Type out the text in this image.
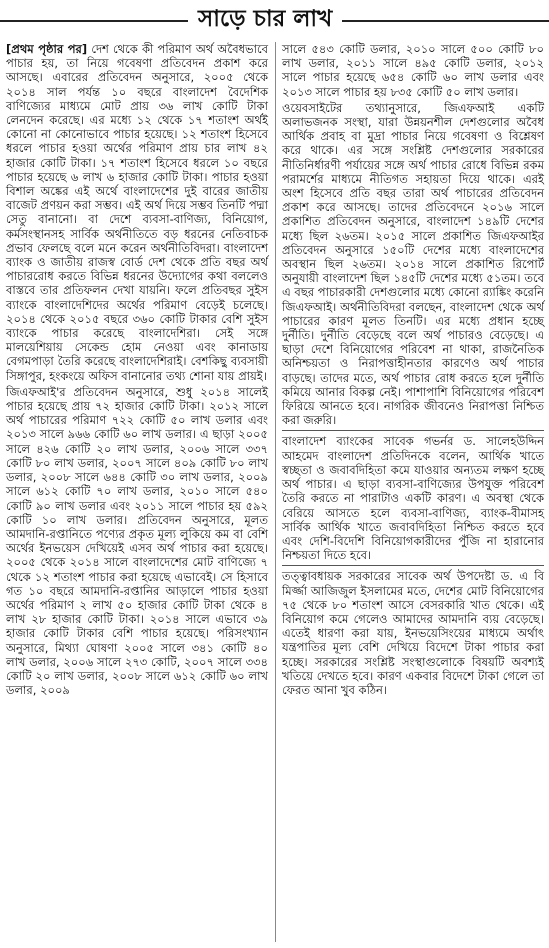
সাড়ে চার লাখ

[প্রথম পৃষ্ঠার পর] দেশ থেকে কী পরিমাণ অর্থ অবৈধভাবে পাচার হয়, তা নিয়ে গবেষণা প্রতিবেদন প্রকাশ করে আসছে। এবারের প্রতিবেদন অনুসারে, ২০০৫ থেকে ২০১৪ সাল পর্যন্ত ১০ বছরে বাংলাদেশ বৈদেশিক বাণিজ্যের মাধ্যমে মোট প্রায় ৩৬ লাখ কোটি টাকা লেনদেন করেছে। এর মধ্যে ১২ থেকে ১৭ শতাংশ অর্থই কোনো না কোনোভাবে পাচার হয়েছে। ১২ শতাংশ হিসেবে ধরলে পাচার হওয়া অর্থের পরিমাণ প্রায় চার লাখ ৪২ হাজার কোটি টাকা। ১৭ শতাংশ হিসেবে ধরলে ১০ বছরে পাচার হয়েছে ৬ লাখ ৬ হাজার কোটি টাকা। পাচার হওয়া বিশাল অঙ্কের এই অর্থে বাংলাদেশের দুই বারের জাতীয় বাজেট প্রণয়ন করা সম্ভব। এই অর্থ দিয়ে সম্ভব তিনটি পদ্মা সেতু বানানো। বা দেশে ব্যবসা-বাণিজ্য, বিনিয়োগ, কর্মসংস্থানসহ সার্বিক অর্থনীতিতে বড় ধরনের নেতিবাচক প্রভাব ফেলছে বলে মনে করেন অর্থনীতিবিদরা। বাংলাদেশ ব্যাংক ও জাতীয় রাজস্ব বোর্ড দেশ থেকে প্রতি বছর অর্থ পাচাররোধ করতে বিভিন্ন ধরনের উদ্যোগের কথা বললেও বাস্তবে তার প্রতিফলন দেখা যায়নি। ফলে প্রতিবছর সুইস ব্যাংকে বাংলাদেশিদের অর্থের পরিমাণ বেড়েই চলেছে। ২০১৪ থেকে ২০১৫ বছরে ৩৬০ কোটি টাকার বেশি সুইস ব্যাংকে পাচার করেছে বাংলাদেশিরা। সেই সঙ্গে মালয়েশিয়ায় সেকেন্ড হোম নেওয়া এবং কানাডায় বেগমপাড়া তৈরি করেছে বাংলাদেশিরাই। বেশকিছু ব্যবসায়ী সিঙ্গাপুর, হংকংয়ে অফিস বানানোর তথ্য শোনা যায় প্রায়ই।

জিএফআই'র প্রতিবেদন অনুসারে, শুধু ২০১৪ সালেই পাচার হয়েছে প্রায় ৭২ হাজার কোটি টাকা। ২০১২ সালে অর্থ পাচারের পরিমাণ ৭২২ কোটি ৫০ লাখ ডলার এবং ২০১৩ সালে ৯৬৬ কোটি ৬০ লাখ ডলার। এ ছাড়া ২০০৫ সালে ৪২৬ কোটি ২০ লাখ ডলার, ২০০৬ সালে ৩৩৭ কোটি ৮০ লাখ ডলার, ২০০৭ সালে ৪০৯ কোটি ৮০ লাখ ডলার, ২০০৮ সালে ৬৪৪ কোটি ৩০ লাখ ডলার, ২০০৯ সালে ৬১২ কোটি ৭০ লাখ ডলার, ২০১০ সালে ৫৪০ কোটি ৯০ লাখ ডলার এবং ২০১১ সালে পাচার হয় ৫৯২ কোটি ১০ লাখ ডলার। প্রতিবেদন অনুসারে, মূলত আমদানি-রপ্তানিতে পণ্যের প্রকৃত মূল্য লুকিয়ে কম বা বেশি অর্থের ইনভয়েস দেখিয়েই এসব অর্থ পাচার করা হয়েছে। ২০০৫ থেকে ২০১৪ সালে বাংলাদেশের মোট বাণিজ্যে ৭ থেকে ১২ শতাংশ পাচার করা হয়েছে এভাবেই। সে হিসাবে গত ১০ বছরে আমদানি-রপ্তানির আড়ালে পাচার হওয়া অর্থের পরিমাণ ২ লাখ ৫০ হাজার কোটি টাকা থেকে ৪ লাখ ২৮ হাজার কোটি টাকা। ২০১৪ সালে এভাবে ৩৯ হাজার কোটি টাকার বেশি পাচার হয়েছে। পরিসংখ্যান অনুসারে, মিথ্যা ঘোষণা ২০০৫ সালে ৩৪১ কোটি ৪০ লাখ ডলার, ২০০৬ সালে ২৭৩ কোটি, ২০০৭ সালে ৩৩৪ কোটি ২০ লাখ ডলার, ২০০৮ সালে ৬১২ কোটি ৬০ লাখ ডলার, ২০০৯

সালে ৫৪৩ কোটি ডলার, ২০১০ সালে ৫০০ কোটি ৮০ লাখ ডলার, ২০১১ সালে ৪৯৫ কোটি ডলার, ২০১২ সালে পাচার হয়েছে ৬৫৪ কোটি ৬০ লাখ ডলার এবং ২০১৩ সালে পাচার হয় ৮৩৫ কোটি ৫০ লাখ ডলার।

ওয়েবসাইটের তথ্যানুসারে, জিএফআই একটি অলাভজনক সংস্থা, যারা উন্নয়নশীল দেশগুলোর অবৈধ আর্থিক প্রবাহ বা মুদ্রা পাচার নিয়ে গবেষণা ও বিশ্লেষণ করে থাকে। এর সঙ্গে সংশ্লিষ্ট দেশগুলোর সরকারের নীতিনির্ধারণী পর্যায়ের সঙ্গে অর্থ পাচার রোধে বিভিন্ন রকম পরামর্শের মাধ্যমে নীতিগত সহায়তা দিয়ে থাকে। এরই অংশ হিসেবে প্রতি বছর তারা অর্থ পাচারের প্রতিবেদন প্রকাশ করে আসছে। তাদের প্রতিবেদনে ২০১৬ সালে প্রকাশিত প্রতিবেদন অনুসারে, বাংলাদেশ ১৪৯টি দেশের মধ্যে ছিল ২৬তম। ২০১৫ সালে প্রকাশিত জিএফআইর প্রতিবেদন অনুসারে ১৫০টি দেশের মধ্যে বাংলাদেশের অবস্থান ছিল ২৬তম। ২০১৪ সালে প্রকাশিত রিপোর্ট অনুযায়ী বাংলাদেশ ছিল ১৪৫টি দেশের মধ্যে ৫১তম। তবে এ বছর পাচারকারী দেশগুলোর মধ্যে কোনো র‌্যাঙ্কিং করেনি জিএফআই। অর্থনীতিবিদরা বলছেন, বাংলাদেশ থেকে অর্থ পাচারের কারণ মূলত তিনটি। এর মধ্যে প্রধান হচ্ছে দুর্নীতি। দুর্নীতি বেড়েছে বলে অর্থ পাচারও বেড়েছে। এ ছাড়া দেশে বিনিয়োগের পরিবেশ না থাকা, রাজনৈতিক অনিশ্চয়তা ও নিরাপত্তাহীনতার কারণেও অর্থ পাচার বাড়ছে। তাদের মতে, অর্থ পাচার রোধ করতে হলে দুর্নীতি কমিয়ে আনার বিকল্প নেই। পাশাপাশি বিনিয়োগের পরিবেশ ফিরিয়ে আনতে হবে। নাগরিক জীবনেও নিরাপত্তা নিশ্চিত করা জরুরি।

বাংলাদেশ ব্যাংকের সাবেক গভর্নর ড. সালেহউদ্দিন আহমেদ বাংলাদেশ প্রতিদিনকে বলেন, আর্থিক খাতে স্বচ্ছতা ও জবাবদিহিতা কমে যাওয়ার অন্যতম লক্ষণ হচ্ছে অর্থ পাচার। এ ছাড়া ব্যবসা-বাণিজ্যের উপযুক্ত পরিবেশ তৈরি করতে না পারাটাও একটি কারণ। এ অবস্থা থেকে বেরিয়ে আসতে হলে ব্যবসা-বাণিজ্য, ব্যাংক-বীমাসহ সার্বিক আর্থিক খাতে জবাবদিহিতা নিশ্চিত করতে হবে এবং দেশি-বিদেশি বিনিয়োগকারীদের পুঁজি না হারানোর নিশ্চয়তা দিতে হবে।

তত্ত্বাবধায়ক সরকারের সাবেক অর্থ উপদেষ্টা ড. এ বি মির্জ্জা আজিজুল ইসলামের মতে, দেশের মোট বিনিয়োগের ৭৫ থেকে ৮০ শতাংশ আসে বেসরকারি খাত থেকে। এই বিনিয়োগ কমে গেলেও আমাদের আমদানি ব্যয় বেড়েছে। এতেই ধারণা করা যায়, ইনভয়েসিংয়ের মাধ্যমে অর্থাৎ যন্ত্রপাতির মূল্য বেশি দেখিয়ে বিদেশে টাকা পাচার করা হচ্ছে। সরকারের সংশ্লিষ্ট সংস্থাগুলোকে বিষয়টি অবশ্যই খতিয়ে দেখতে হবে। কারণ একবার বিদেশে টাকা গেলে তা ফেরত আনা খুব কঠিন।
